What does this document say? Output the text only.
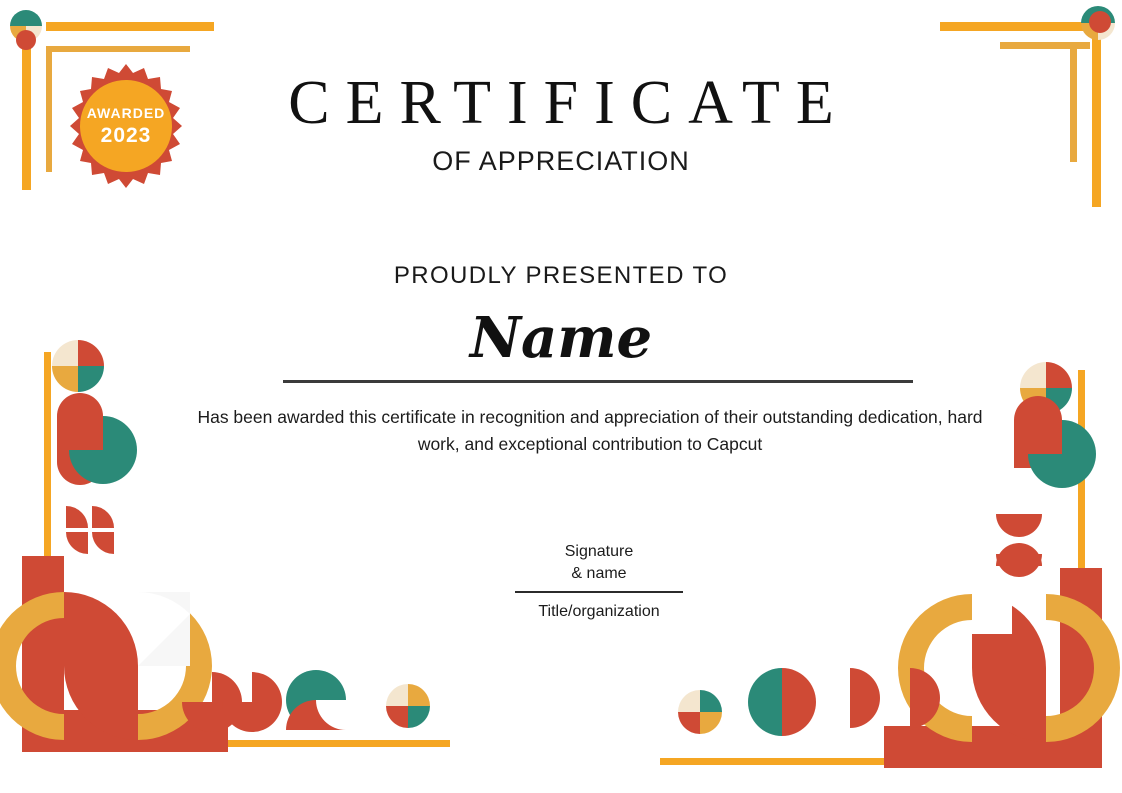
AWARDED
2023	CERTIFICATE
OF APPRECIATION
PROUDLY PRESENTED TO
Name
Has been awarded this certificate in recognition and appreciation of their outstanding dedication, hard work, and exceptional contribution to Capcut
Signature
& name
Title/organization
